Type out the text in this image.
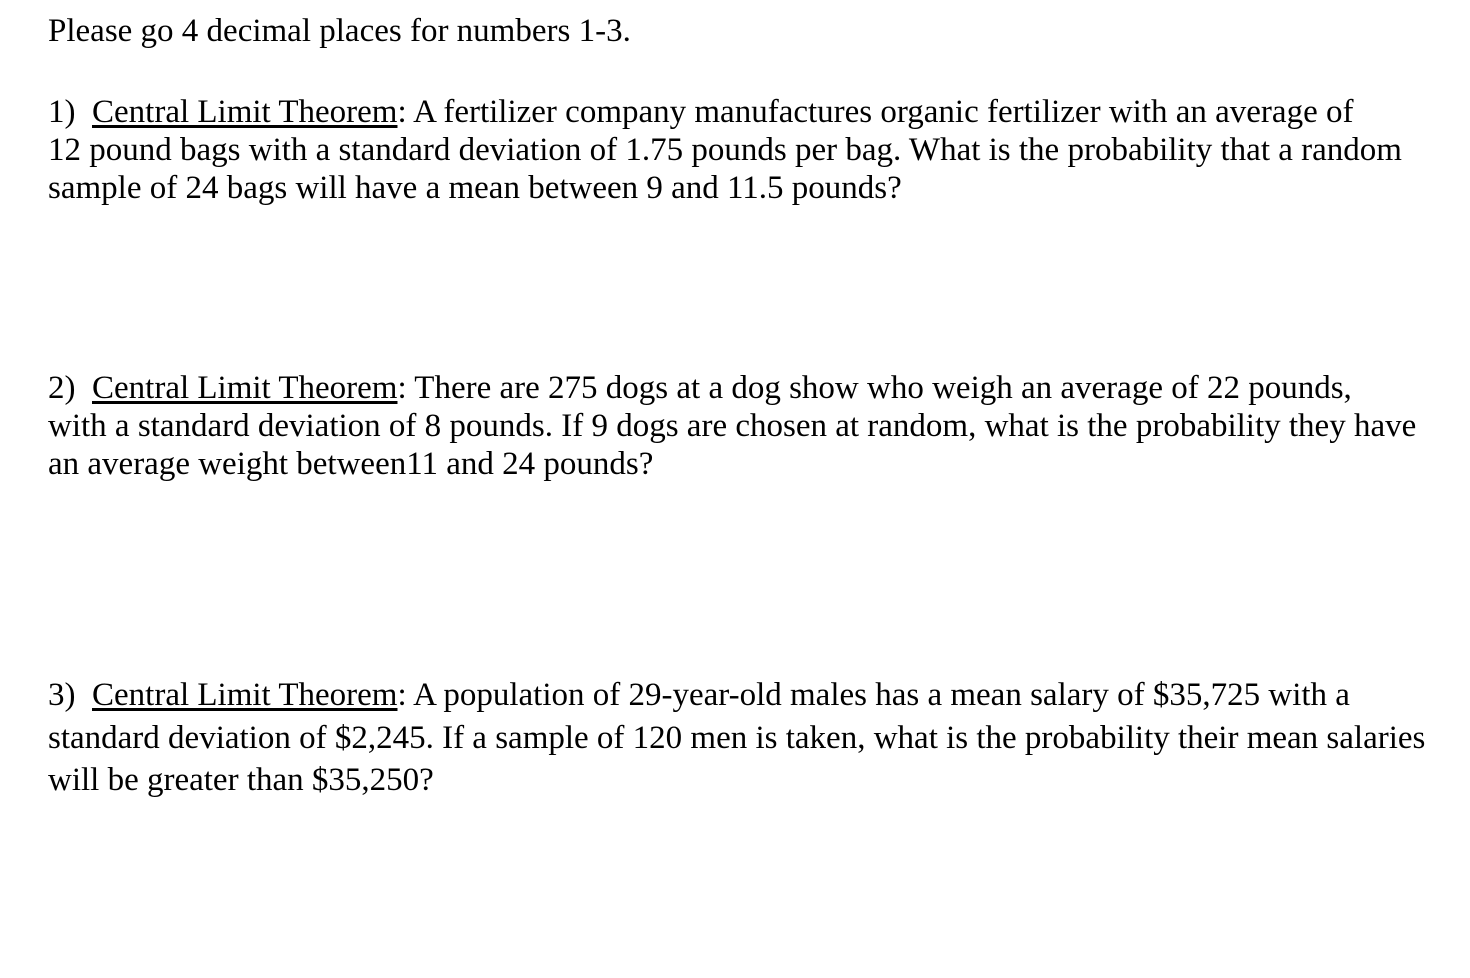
Please go 4 decimal places for numbers 1-3.
1) Central Limit Theorem: A fertilizer company manufactures organic fertilizer with an average of
12 pound bags with a standard deviation of 1.75 pounds per bag. What is the probability that a random
sample of 24 bags will have a mean between 9 and 11.5 pounds?
2) Central Limit Theorem: There are 275 dogs at a dog show who weigh an average of 22 pounds,
with a standard deviation of 8 pounds. If 9 dogs are chosen at random, what is the probability they have
an average weight between11 and 24 pounds?
3) Central Limit Theorem: A population of 29-year-old males has a mean salary of $35,725 with a
standard deviation of $2,245. If a sample of 120 men is taken, what is the probability their mean salaries
will be greater than $35,250?
